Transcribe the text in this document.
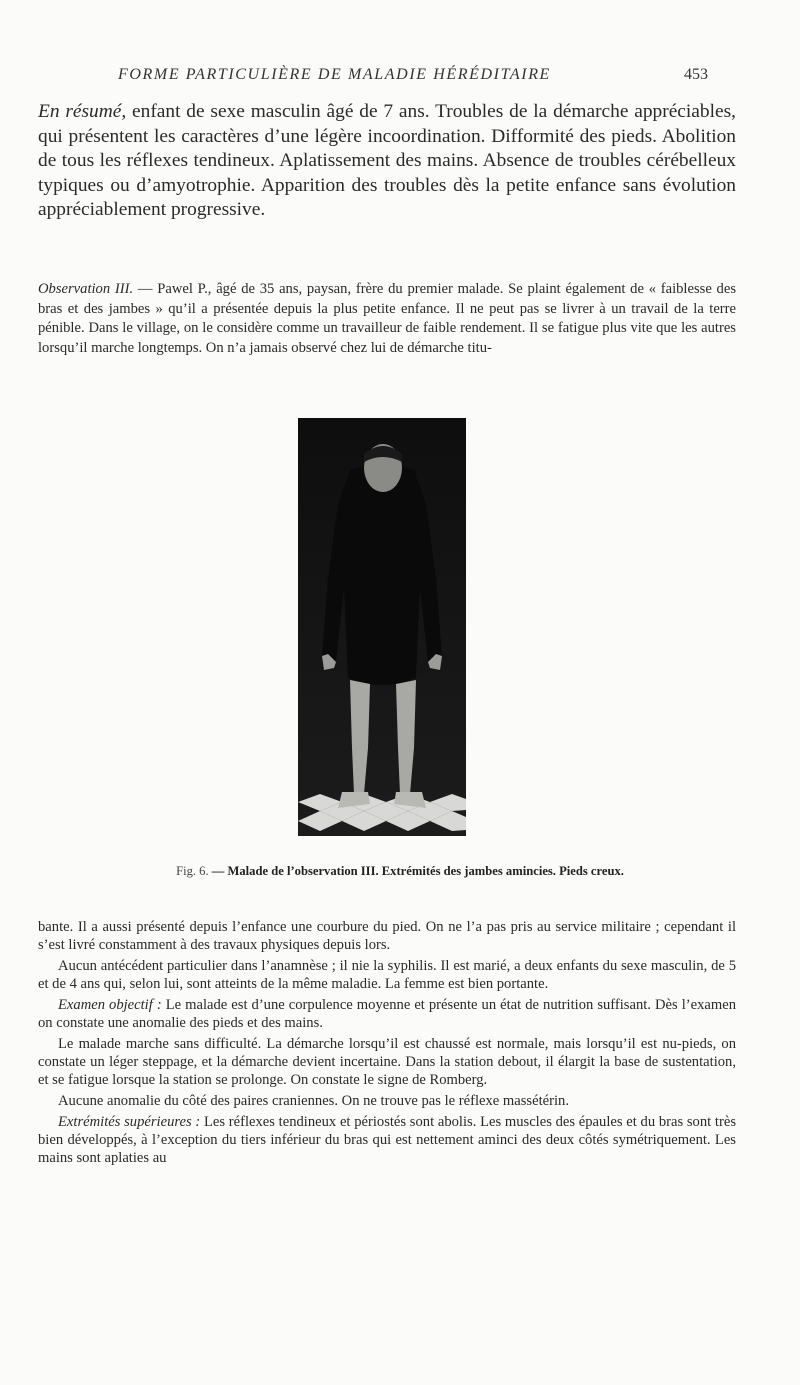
FORME PARTICULIÈRE DE MALADIE HÉRÉDITAIRE	453

En résumé, enfant de sexe masculin âgé de 7 ans. Troubles de la démarche appréciables, qui présentent les caractères d’une légère incoordination. Difformité des pieds. Abolition de tous les réflexes tendineux. Aplatissement des mains. Absence de troubles cérébelleux typiques ou d’amyotrophie. Apparition des troubles dès la petite enfance sans évolution appréciablement progressive.

Observation III. — Pawel P., âgé de 35 ans, paysan, frère du premier malade. Se plaint également de « faiblesse des bras et des jambes » qu’il a présentée depuis la plus petite enfance. Il ne peut pas se livrer à un travail de la terre pénible. Dans le village, on le considère comme un travailleur de faible rendement. Il se fatigue plus vite que les autres lorsqu’il marche longtemps. On n’a jamais observé chez lui de démarche titu-

Fig. 6. — Malade de l’observation III. Extrémités des jambes amincies. Pieds creux.

bante. Il a aussi présenté depuis l’enfance une courbure du pied. On ne l’a pas pris au service militaire ; cependant il s’est livré constamment à des travaux physiques depuis lors.

Aucun antécédent particulier dans l’anamnèse ; il nie la syphilis. Il est marié, a deux enfants du sexe masculin, de 5 et de 4 ans qui, selon lui, sont atteints de la même maladie. La femme est bien portante.

Examen objectif : Le malade est d’une corpulence moyenne et présente un état de nutrition suffisant. Dès l’examen on constate une anomalie des pieds et des mains.

Le malade marche sans difficulté. La démarche lorsqu’il est chaussé est normale, mais lorsqu’il est nu-pieds, on constate un léger steppage, et la démarche devient incertaine. Dans la station debout, il élargit la base de sustentation, et se fatigue lorsque la station se prolonge. On constate le signe de Romberg.

Aucune anomalie du côté des paires craniennes. On ne trouve pas le réflexe massétérin.

Extrémités supérieures : Les réflexes tendineux et périostés sont abolis. Les muscles des épaules et du bras sont très bien développés, à l’exception du tiers inférieur du bras qui est nettement aminci des deux côtés symétriquement. Les mains sont aplaties au
